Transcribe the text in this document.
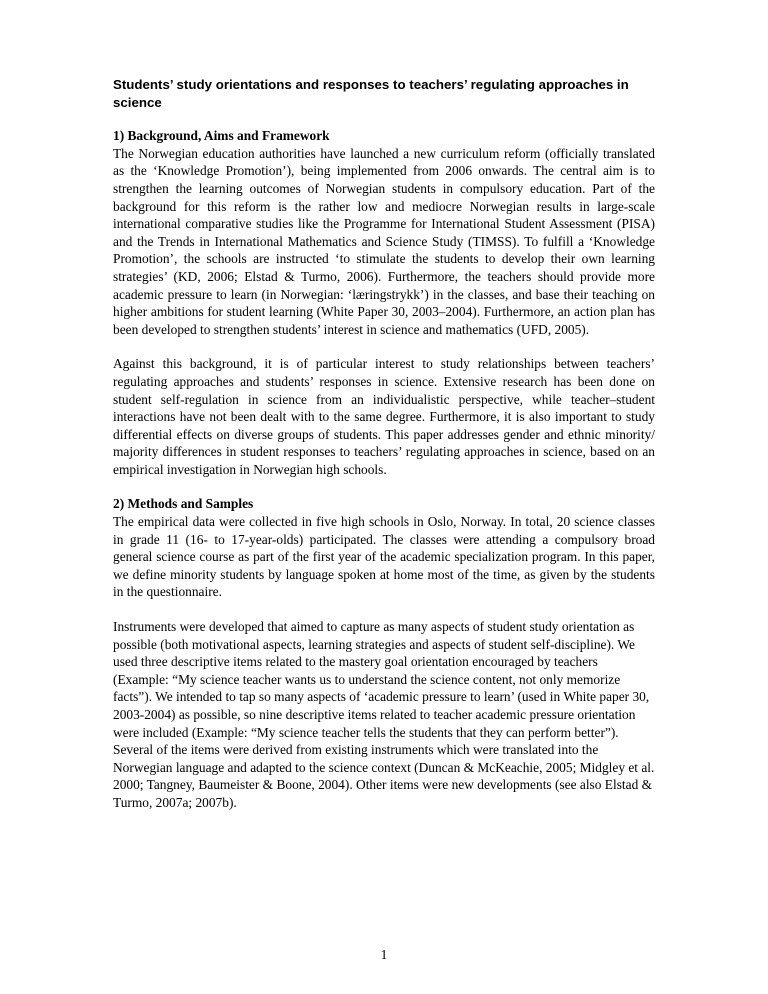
Students’ study orientations and responses to teachers’ regulating approaches in science
1) Background, Aims and Framework

The Norwegian education authorities have launched a new curriculum reform (officially translated as the ‘Knowledge Promotion’), being implemented from 2006 onwards. The central aim is to strengthen the learning outcomes of Norwegian students in compulsory education. Part of the background for this reform is the rather low and mediocre Norwegian results in large-scale international comparative studies like the Programme for International Student Assessment (PISA) and the Trends in International Mathematics and Science Study (TIMSS). To fulfill a ‘Knowledge Promotion’, the schools are instructed ‘to stimulate the students to develop their own learning strategies’ (KD, 2006; Elstad & Turmo, 2006). Furthermore, the teachers should provide more academic pressure to learn (in Norwegian: ‘læringstrykk’) in the classes, and base their teaching on higher ambitions for student learning (White Paper 30, 2003–2004). Furthermore, an action plan has been developed to strengthen students’ interest in science and mathematics (UFD, 2005).

Against this background, it is of particular interest to study relationships between teachers’ regulating approaches and students’ responses in science. Extensive research has been done on student self-regulation in science from an individualistic perspective, while teacher–student interactions have not been dealt with to the same degree. Furthermore, it is also important to study differential effects on diverse groups of students. This paper addresses gender and ethnic minority/ majority differences in student responses to teachers’ regulating approaches in science, based on an empirical investigation in Norwegian high schools.

2) Methods and Samples

The empirical data were collected in five high schools in Oslo, Norway. In total, 20 science classes in grade 11 (16- to 17-year-olds) participated. The classes were attending a compulsory broad general science course as part of the first year of the academic specialization program. In this paper, we define minority students by language spoken at home most of the time, as given by the students in the questionnaire.

Instruments were developed that aimed to capture as many aspects of student study orientation as possible (both motivational aspects, learning strategies and aspects of student self-discipline). We used three descriptive items related to the mastery goal orientation encouraged by teachers (Example: “My science teacher wants us to understand the science content, not only memorize facts”). We intended to tap so many aspects of ‘academic pressure to learn’ (used in White paper 30, 2003-2004) as possible, so nine descriptive items related to teacher academic pressure orientation were included (Example: “My science teacher tells the students that they can perform better”). Several of the items were derived from existing instruments which were translated into the Norwegian language and adapted to the science context (Duncan & McKeachie, 2005; Midgley et al. 2000; Tangney, Baumeister & Boone, 2004). Other items were new developments (see also Elstad & Turmo, 2007a; 2007b).

1
